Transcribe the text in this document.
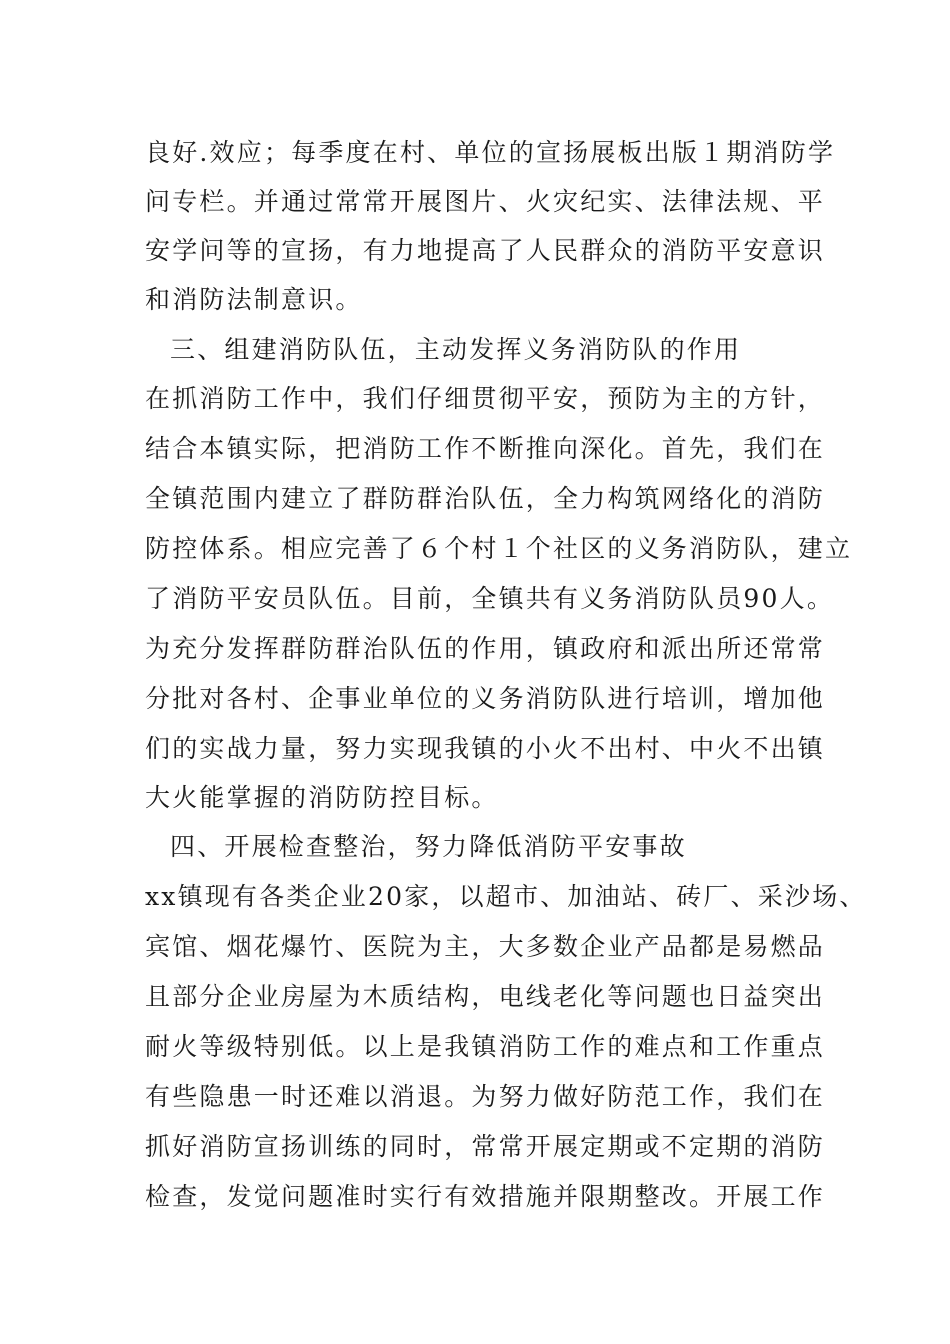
良好.效应；每季度在村、单位的宣扬展板出版１期消防学
问专栏。并通过常常开展图片、火灾纪实、法律法规、平
安学问等的宣扬，有力地提高了人民群众的消防平安意识
和消防法制意识。
三、组建消防队伍，主动发挥义务消防队的作用
在抓消防工作中，我们仔细贯彻平安，预防为主的方针，
结合本镇实际，把消防工作不断推向深化。首先，我们在
全镇范围内建立了群防群治队伍，全力构筑网络化的消防
防控体系。相应完善了６个村１个社区的义务消防队，建立
了消防平安员队伍。目前，全镇共有义务消防队员90人。
为充分发挥群防群治队伍的作用，镇政府和派出所还常常
分批对各村、企事业单位的义务消防队进行培训，增加他
们的实战力量，努力实现我镇的小火不出村、中火不出镇
大火能掌握的消防防控目标。
四、开展检查整治，努力降低消防平安事故
xx镇现有各类企业20家，以超市、加油站、砖厂、采沙场、
宾馆、烟花爆竹、医院为主，大多数企业产品都是易燃品
且部分企业房屋为木质结构，电线老化等问题也日益突出
耐火等级特别低。以上是我镇消防工作的难点和工作重点
有些隐患一时还难以消退。为努力做好防范工作，我们在
抓好消防宣扬训练的同时，常常开展定期或不定期的消防
检查，发觉问题准时实行有效措施并限期整改。开展工作
